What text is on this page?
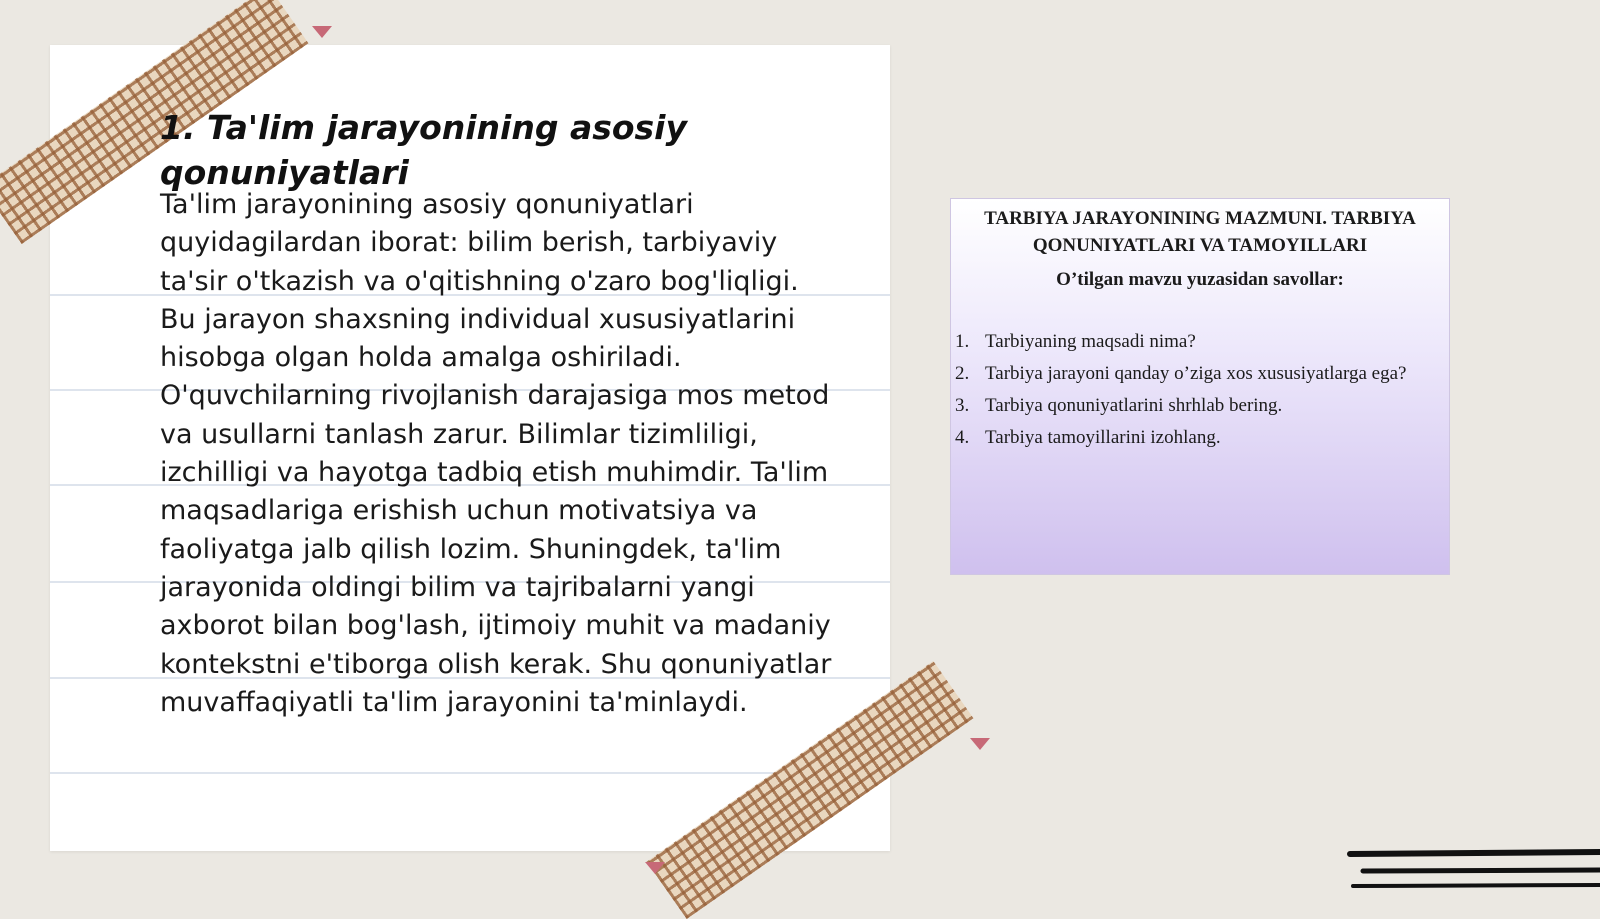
1. Ta'lim jarayonining asosiy qonuniyatlari

Ta'lim jarayonining asosiy qonuniyatlari quyidagilardan iborat: bilim berish, tarbiyaviy ta'sir o'tkazish va o'qitishning o'zaro bog'liqligi. Bu jarayon shaxsning individual xususiyatlarini hisobga olgan holda amalga oshiriladi. O'quvchilarning rivojlanish darajasiga mos metod va usullarni tanlash zarur. Bilimlar tizimliligi, izchilligi va hayotga tadbiq etish muhimdir. Ta'lim maqsadlariga erishish uchun motivatsiya va faoliyatga jalb qilish lozim. Shuningdek, ta'lim jarayonida oldingi bilim va tajribalarni yangi axborot bilan bog'lash, ijtimoiy muhit va madaniy kontekstni e'tiborga olish kerak. Shu qonuniyatlar muvaffaqiyatli ta'lim jarayonini ta'minlaydi.

TARBIYA JARAYONINING MAZMUNI. TARBIYA QONUNIYATLARI VA TAMOYILLARI
O’tilgan mavzu yuzasidan savollar:
1. Tarbiyaning maqsadi nima?
2. Tarbiya jarayoni qanday o’ziga xos xususiyatlarga ega?
3. Tarbiya qonuniyatlarini shrhlab bering.
4. Tarbiya tamoyillarini izohlang.
